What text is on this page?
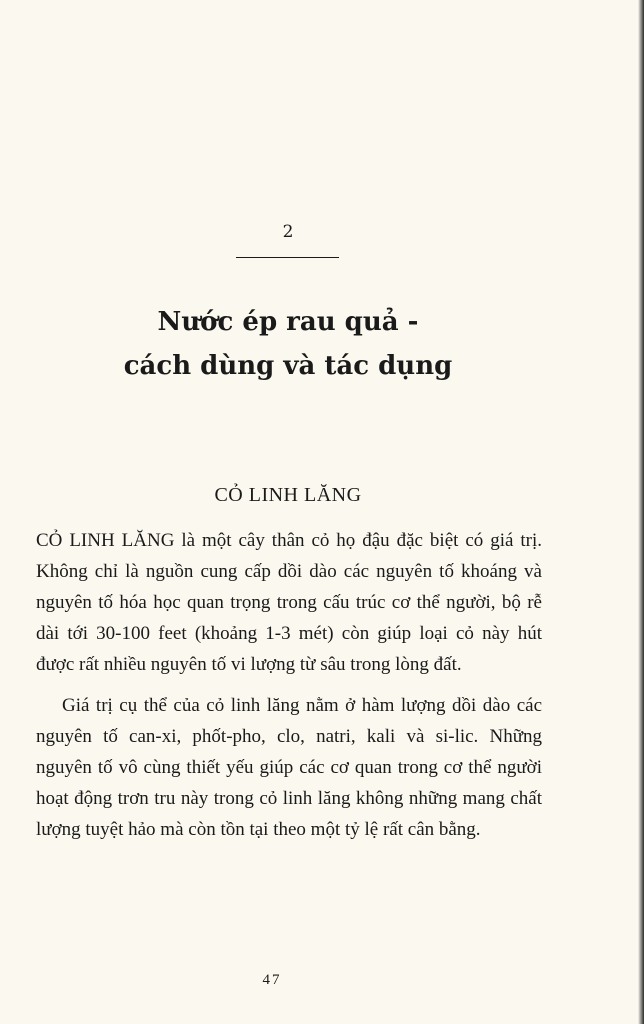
2
Nước ép rau quả -
cách dùng và tác dụng
CỎ LINH LĂNG

CỎ LINH LĂNG là một cây thân cỏ họ đậu đặc biệt có giá trị. Không chỉ là nguồn cung cấp dồi dào các nguyên tố khoáng và nguyên tố hóa học quan trọng trong cấu trúc cơ thể người, bộ rễ dài tới 30-100 feet (khoảng 1-3 mét) còn giúp loại cỏ này hút được rất nhiều nguyên tố vi lượng từ sâu trong lòng đất.

Giá trị cụ thể của cỏ linh lăng nằm ở hàm lượng dồi dào các nguyên tố can-xi, phốt-pho, clo, natri, kali và si-lic. Những nguyên tố vô cùng thiết yếu giúp các cơ quan trong cơ thể người hoạt động trơn tru này trong cỏ linh lăng không những mang chất lượng tuyệt hảo mà còn tồn tại theo một tỷ lệ rất cân bằng.

47
